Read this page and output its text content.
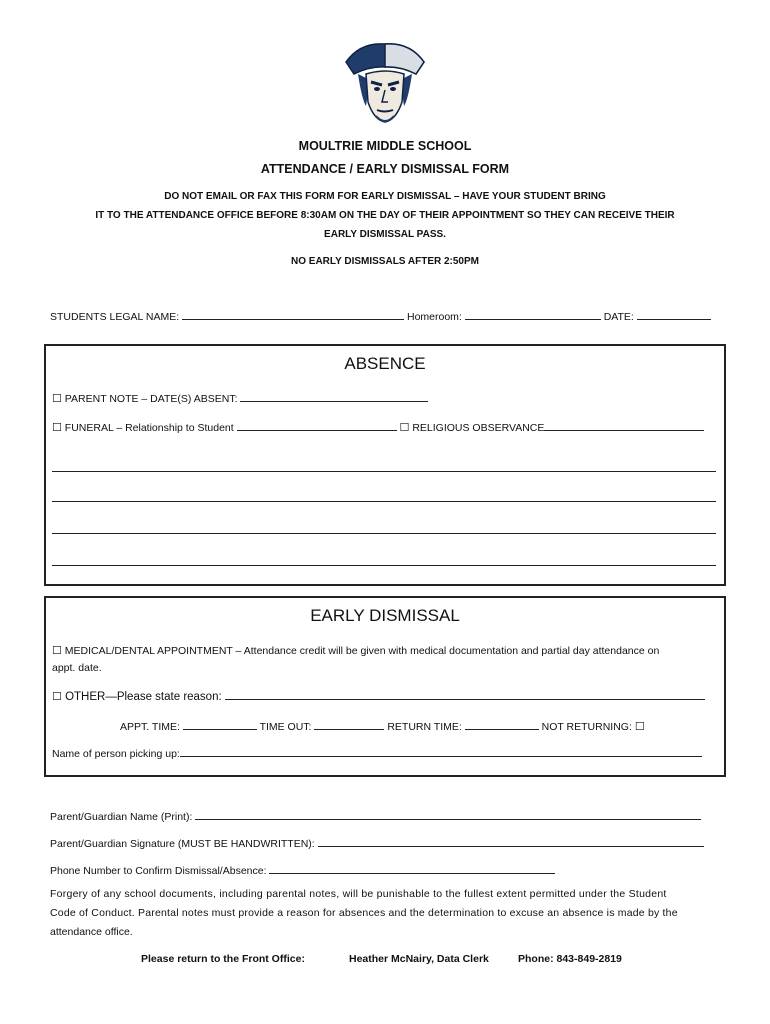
MOULTRIE MIDDLE SCHOOL
ATTENDANCE / EARLY DISMISSAL FORM
DO NOT EMAIL OR FAX THIS FORM FOR EARLY DISMISSAL – HAVE YOUR STUDENT BRING
IT TO THE ATTENDANCE OFFICE BEFORE 8:30AM ON THE DAY OF THEIR APPOINTMENT SO THEY CAN RECEIVE THEIR
EARLY DISMISSAL PASS.
NO EARLY DISMISSALS AFTER 2:50PM
STUDENTS LEGAL NAME:	Homeroom:	DATE:
ABSENCE
☐ PARENT NOTE – DATE(S) ABSENT:
☐ FUNERAL – Relationship to Student	☐ RELIGIOUS OBSERVANCE
EARLY DISMISSAL
☐ MEDICAL/DENTAL APPOINTMENT – Attendance credit will be given with medical documentation and partial day attendance on
appt. date.
☐ OTHER—Please state reason:
APPT. TIME:	TIME OUT:	RETURN TIME:	NOT RETURNING: ☐
Name of person picking up:
Parent/Guardian Name (Print):
Parent/Guardian Signature (MUST BE HANDWRITTEN):
Phone Number to Confirm Dismissal/Absence:
Forgery of any school documents, including parental notes, will be punishable to the fullest extent permitted under the Student
Code of Conduct. Parental notes must provide a reason for absences and the determination to excuse an absence is made by the
attendance office.
Please return to the Front Office:	Heather McNairy, Data Clerk	Phone: 843-849-2819
